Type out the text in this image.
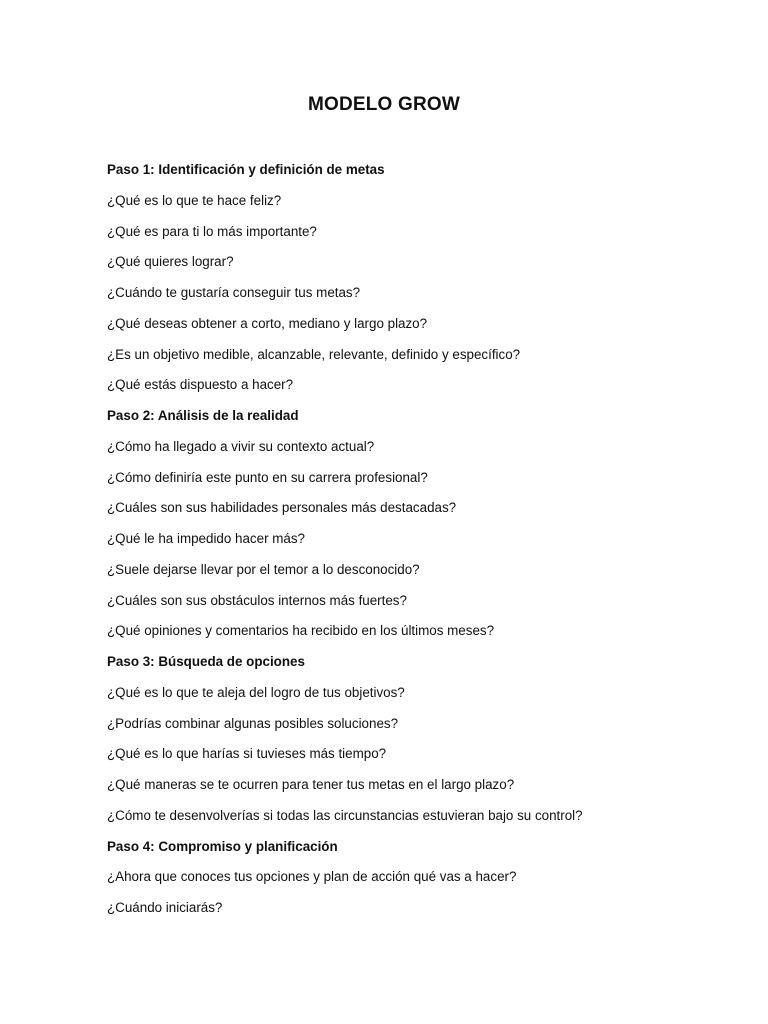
MODELO GROW
Paso 1: Identificación y definición de metas
¿Qué es lo que te hace feliz?
¿Qué es para ti lo más importante?
¿Qué quieres lograr?
¿Cuándo te gustaría conseguir tus metas?
¿Qué deseas obtener a corto, mediano y largo plazo?
¿Es un objetivo medible, alcanzable, relevante, definido y específico?
¿Qué estás dispuesto a hacer?
Paso 2: Análisis de la realidad
¿Cómo ha llegado a vivir su contexto actual?
¿Cómo definiría este punto en su carrera profesional?
¿Cuáles son sus habilidades personales más destacadas?
¿Qué le ha impedido hacer más?
¿Suele dejarse llevar por el temor a lo desconocido?
¿Cuáles son sus obstáculos internos más fuertes?
¿Qué opiniones y comentarios ha recibido en los últimos meses?
Paso 3: Búsqueda de opciones
¿Qué es lo que te aleja del logro de tus objetivos?
¿Podrías combinar algunas posibles soluciones?
¿Qué es lo que harías si tuvieses más tiempo?
¿Qué maneras se te ocurren para tener tus metas en el largo plazo?
¿Cómo te desenvolverías si todas las circunstancias estuvieran bajo su control?
Paso 4: Compromiso y planificación
¿Ahora que conoces tus opciones y plan de acción qué vas a hacer?
¿Cuándo iniciarás?
